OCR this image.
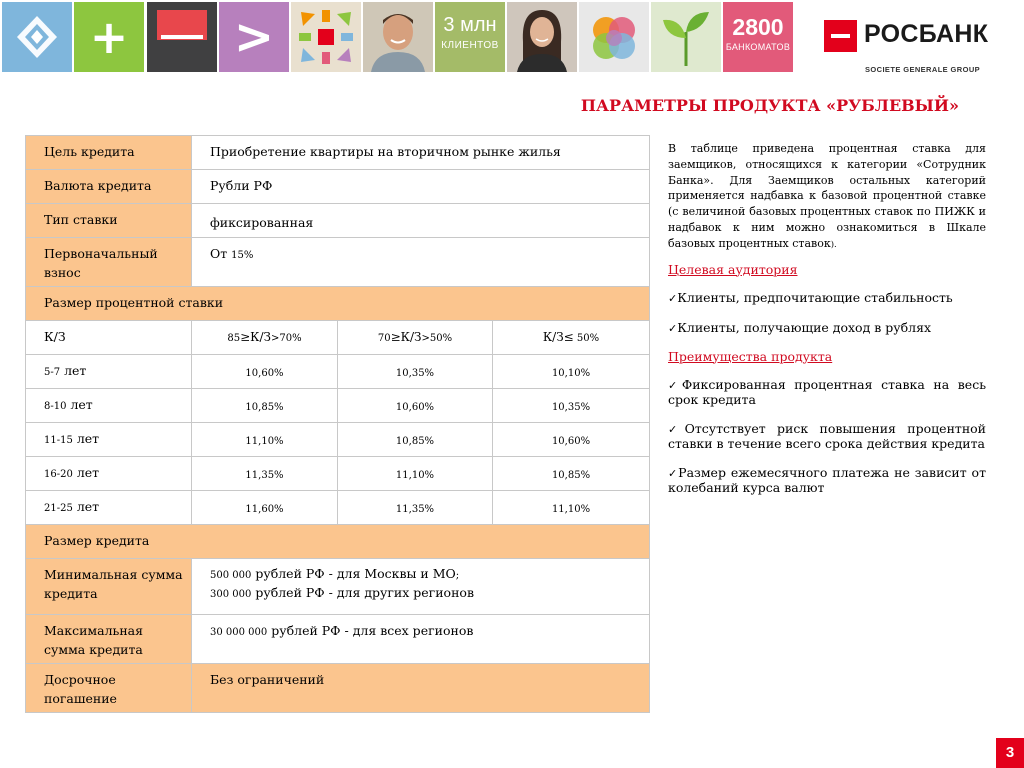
+	>	3 млн
КЛИЕНТОВ
2800
БАНКОМАТОВ	РОСБАНК
SOCIETE GENERALE GROUP
ПАРАМЕТРЫ ПРОДУКТА «РУБЛЕВЫЙ»
Цель кредита	Приобретение квартиры на вторичном рынке жилья		
Валюта кредита	Рубли РФ		
Тип ставки	фиксированная		
Первоначальный взнос	От 15%		
Размер процентной ставки			
К/З	85≥К/З>70%	70≥К/З>50%	К/З≤ 50%
5-7 лет	10,60%	10,35%	10,10%
8-10 лет	10,85%	10,60%	10,35%
11-15 лет	11,10%	10,85%	10,60%
16-20 лет	11,35%	11,10%	10,85%
21-25 лет	11,60%	11,35%	11,10%
Размер кредита			
Минимальная сумма кредита	500 000 рублей РФ - для Москвы и МО;
300 000 рублей РФ - для других регионов		
Максимальная сумма кредита	30 000 000 рублей РФ - для всех регионов		
Досрочное погашение	Без ограничений		

В таблице приведена процентная ставка для заемщиков, относящихся к категории «Сотрудник Банка». Для Заемщиков остальных категорий применяется надбавка к базовой процентной ставке (с величиной базовых процентных ставок по ПИЖК и надбавок к ним можно ознакомиться в Шкале базовых процентных ставок).

Целевая аудитория

✓Клиенты, предпочитающие стабильность

✓Клиенты, получающие доход в рублях

Преимущества продукта

✓Фиксированная процентная ставка на весь срок кредита

✓Отсутствует риск повышения процентной ставки в течение всего срока действия кредита

✓Размер ежемесячного платежа не зависит от колебаний курса валют

3
